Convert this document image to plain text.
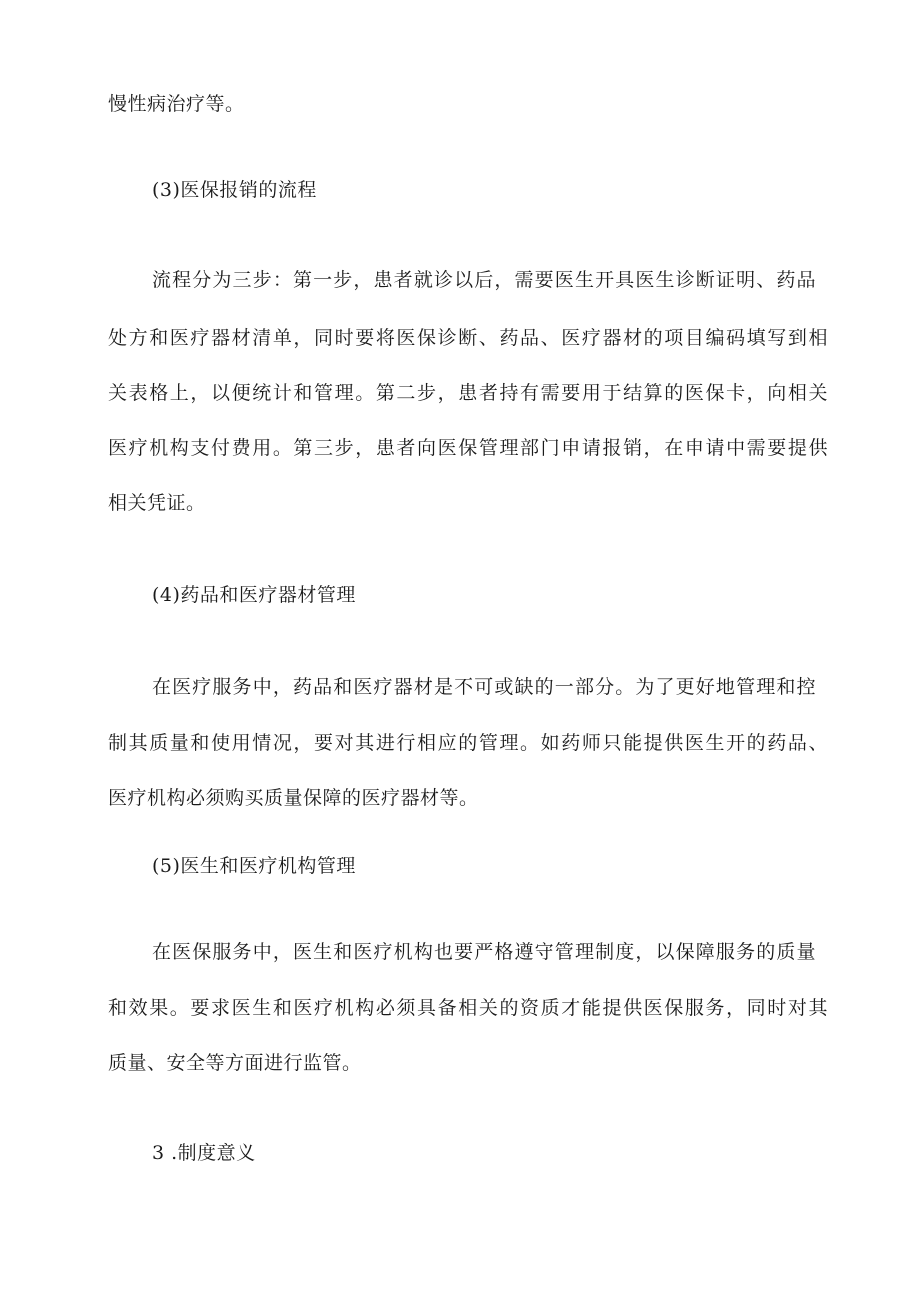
慢性病治疗等。
(3)医保报销的流程
流程分为三步：第一步，患者就诊以后，需要医生开具医生诊断证明、药品
处方和医疗器材清单，同时要将医保诊断、药品、医疗器材的项目编码填写到相
关表格上，以便统计和管理。第二步，患者持有需要用于结算的医保卡，向相关
医疗机构支付费用。第三步，患者向医保管理部门申请报销，在申请中需要提供
相关凭证。
(4)药品和医疗器材管理
在医疗服务中，药品和医疗器材是不可或缺的一部分。为了更好地管理和控
制其质量和使用情况，要对其进行相应的管理。如药师只能提供医生开的药品、
医疗机构必须购买质量保障的医疗器材等。
(5)医生和医疗机构管理
在医保服务中，医生和医疗机构也要严格遵守管理制度，以保障服务的质量
和效果。要求医生和医疗机构必须具备相关的资质才能提供医保服务，同时对其
质量、安全等方面进行监管。
3 .制度意义
